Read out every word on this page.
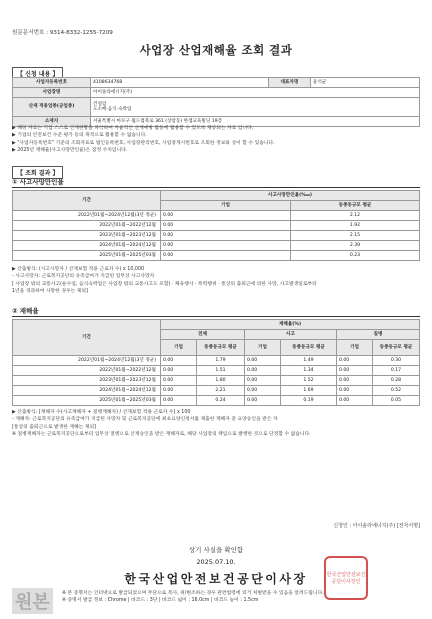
원문문서번호 : 9314-8332-1255-7209
사업장 산업재해율 조회 결과
【 신청 내용 】
사업자등록번호	4108634768	대표자명	윤석균
사업장명	아이솔라에너지(주)		
산재 적용업종(공업종)	건설업
도소매·음식·숙박업		

소재지	서울특별시 마포구 월드컵북로 361 (상암동) 한샘교육빌딩 19층		
▶ 해당 자료는 기업 스스로 산재현황을 파악하여 자율적인 산재예방 활동에 활용할 수 있도록 제공되는 자료 입니다.
▶ 기업의 안전보건 수준 평가 등의 목적으로 활용할 수 없습니다.
▶ "사업자등록번호" 기준의 조회자료로 법인등록번호, 사업장관리번호, 사업장개시번호로 조회한 정보와 상이 할 수 있습니다.
▶ 2025년 재해율(사고사망만인율)은 잠정 수치입니다.
【 조회 결과 】
① 사고사망만인율
기간	사고사망만인율(‱)	
	기업	동종동규모 평균
2022년01월~2024년12월(3년 정균)	0.00	2.12
2022년01월~2022년12월	0.00	1.92
2023년01월~2023년12월	0.00	2.15
2024년01월~2024년12월	0.00	2.39
2025년01월~2025년03월	0.00	0.23
▶ 산출방식: (사고사망자 / 산재보험 적용 근로자 수) x 10,000
- 사고사망자: 근로복지공단의 유족급여가 지급된 업무상 사고사망자
[ 사업장 밖의 교통사고(운수업, 음식숙박업은 사업장 밖의 교통사고도 포함) · 체육행사 · 폭력행위 · 통상의 출퇴근에 의한 사망, 사고발생일로부터
1년을 경과하여 사망한 경우는 제외]
② 재해율
기간	재해율(%)					
	전체		사고		질병	
	기업	동종동규모 평균	기업	동종동규모 평균	기업	동종동규모 평균
2022년01월~2024년12월(3년 정균)	0.00	1.79	0.00	1.49	0.00	0.30
2022년01월~2022년12월	0.00	1.51	0.00	1.34	0.00	0.17
2023년01월~2023년12월	0.00	1.80	0.00	1.52	0.00	0.28
2024년01월~2024년12월	0.00	2.21	0.00	1.69	0.00	0.52
2025년01월~2025년03월	0.00	0.24	0.00	0.19	0.00	0.05
▶ 산출방식: [재해자 수(사고재해자 + 질병재해자) / 산재보험 적용 근로자 수] x 100
- 재해자: 근로복지공단의 유족급여가 지급된 사망자 및 근로복지공단에 최초요양신청서를 제출한 재해자 중 요양승인을 받은 자
[통상의 출퇴근으로 발생한 재해는 제외]
※ 질병재해자는 근로복지공단으로부터 업무상 질병으로 산재승인을 받은 재해자로, 해당 사업장의 책임으로 발병한 것으로 단정할 수 없습니다.
신청인 : 아이솔라에너지(주) [전자서명]
상기 사실을 확인함
2025.07.10.
한국산업안전보건공단이사장	한국산업안전보건공단이사장인
원본	※ 본 증명서는 인터넷으로 발급되었으며 무단으로 복사, 위/변조하는 경우 관련법령에 의거 처벌받을 수 있음을 알려드립니다.
※ 증명서 발급 정보 : Chrome | 바코드 : 3단 | 바코드 넓이 : 16.0cm | 바코드 높이 : 1.5cm
